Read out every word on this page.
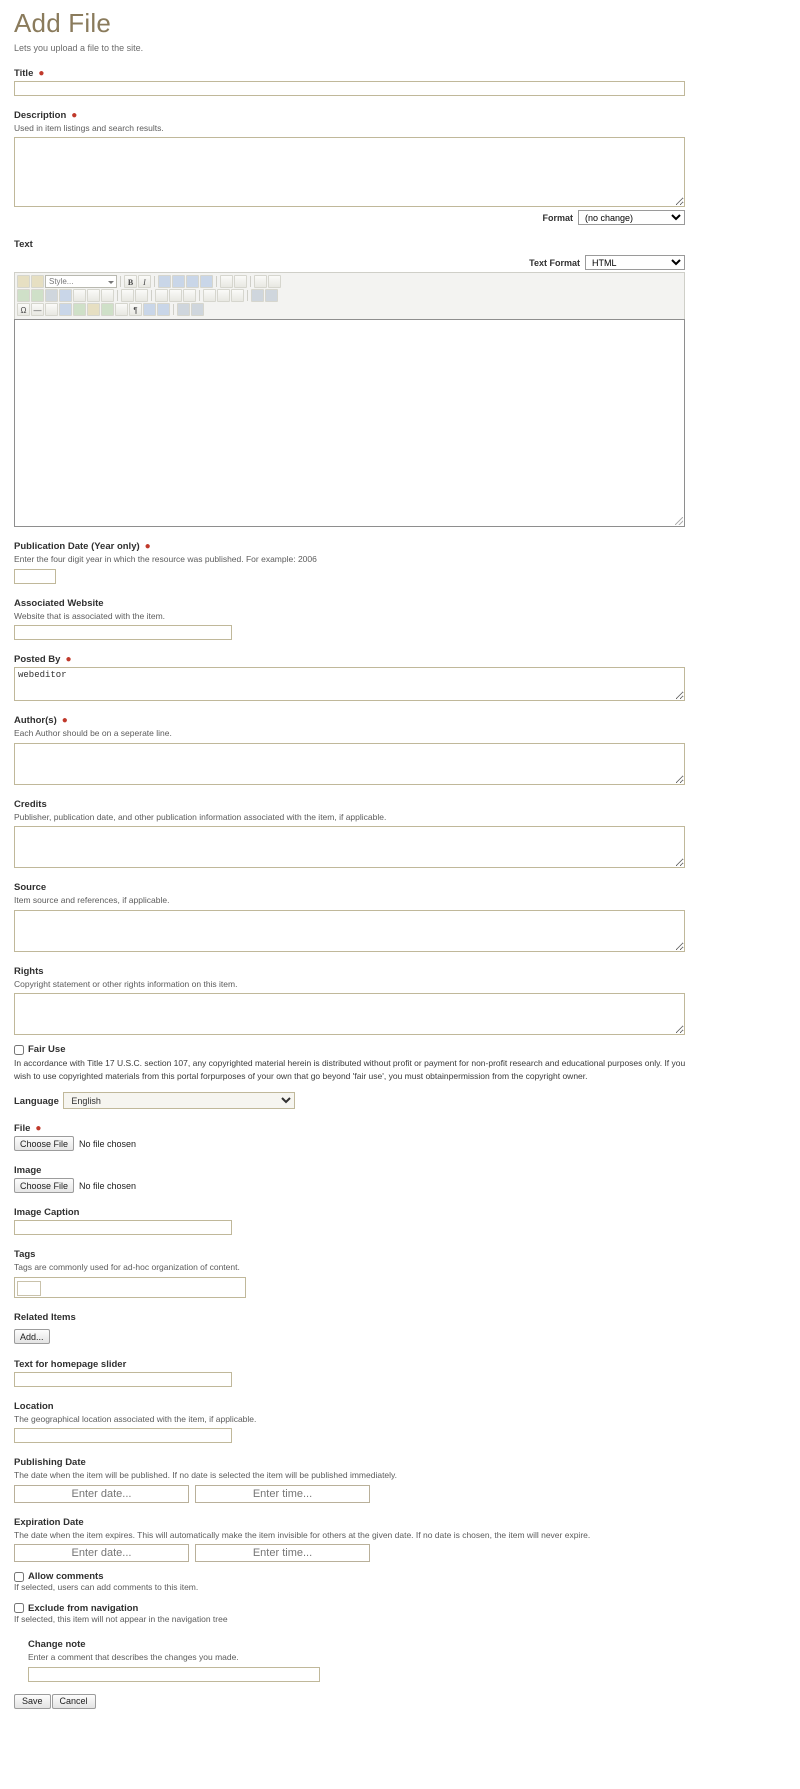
Add File

Lets you upload a file to the site.

Title ●
Description ●

Used in item listings and search results.

Format
(no change)
Text
Text Format
HTML
Style...	B	I
Ω —	¶
Publication Date (Year only) ●

Enter the four digit year in which the resource was published. For example: 2006

Associated Website

Website that is associated with the item.

Posted By ●
webeditor
Author(s) ●

Each Author should be on a seperate line.

Credits

Publisher, publication date, and other publication information associated with the item, if applicable.

Source

Item source and references, if applicable.

Rights

Copyright statement or other rights information on this item.

Fair Use

In accordance with Title 17 U.S.C. section 107, any copyrighted material herein is distributed without profit or payment for non-profit research and educational purposes only. If you wish to use copyrighted materials from this portal forpurposes of your own that go beyond 'fair use', you must obtainpermission from the copyright owner.

Language
English
File ●
Choose File	No file chosen
Image
Choose File	No file chosen
Image Caption
Tags

Tags are commonly used for ad-hoc organization of content.

Related Items
Add...
Text for homepage slider
Location

The geographical location associated with the item, if applicable.

Publishing Date

The date when the item will be published. If no date is selected the item will be published immediately.

Enter date...
Enter time...
Expiration Date

The date when the item expires. This will automatically make the item invisible for others at the given date. If no date is chosen, the item will never expire.

Enter date...
Enter time...
Allow comments

If selected, users can add comments to this item.

Exclude from navigation

If selected, this item will not appear in the navigation tree

Change note

Enter a comment that describes the changes you made.

Save	Cancel
